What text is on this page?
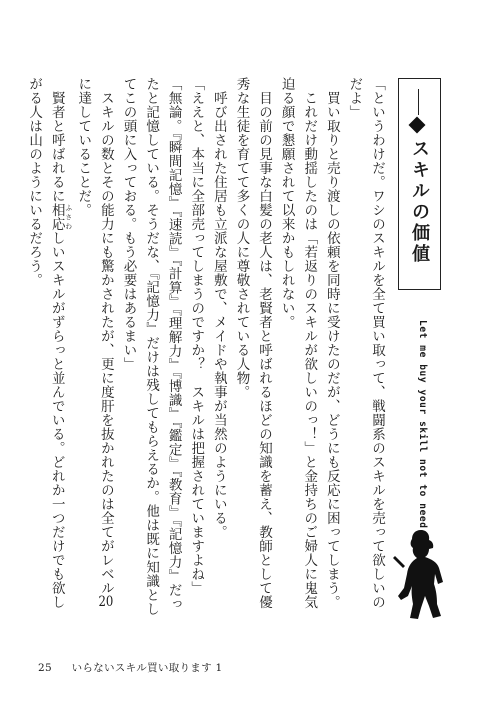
スキルの価値
Let me buy your skill not to need

「というわけだ。ワシのスキルを全て買い取って、戦闘系のスキルを売って欲しいのだよ」

買い取りと売り渡しの依頼を同時に受けたのだが、どうにも反応に困ってしまう。

これだけ動揺したのは「若返りのスキルが欲しいのっ！」と金持ちのご婦人に鬼気迫る顔で懇願されて以来かもしれない。

目の前の見事な白髪の老人は、老賢者と呼ばれるほどの知識を蓄え、教師として優秀な生徒を育てて多くの人に尊敬されている人物。

呼び出された住居も立派な屋敷で、メイドや執事が当然のようにいる。

「ええと、本当に全部売ってしまうのですか？　スキルは把握されていますよね」

「無論。『瞬間記憶』『速読』『計算』『理解力』『博識』『鑑定』『教育』『記憶力』だったと記憶している。そうだな、『記憶力』だけは残してもらえるか。他は既に知識としてこの頭に入っておる。もう必要はあるまい」

スキルの数とその能力にも驚かされたが、更に度肝を抜かれたのは全てがレベル20に達していることだ。

賢者と呼ばれるに相応 ふさわしいスキルがずらっと並んでいる。どれか一つだけでも欲しがる人は山のようにいるだろう。

25 いらないスキル買い取ります 1
